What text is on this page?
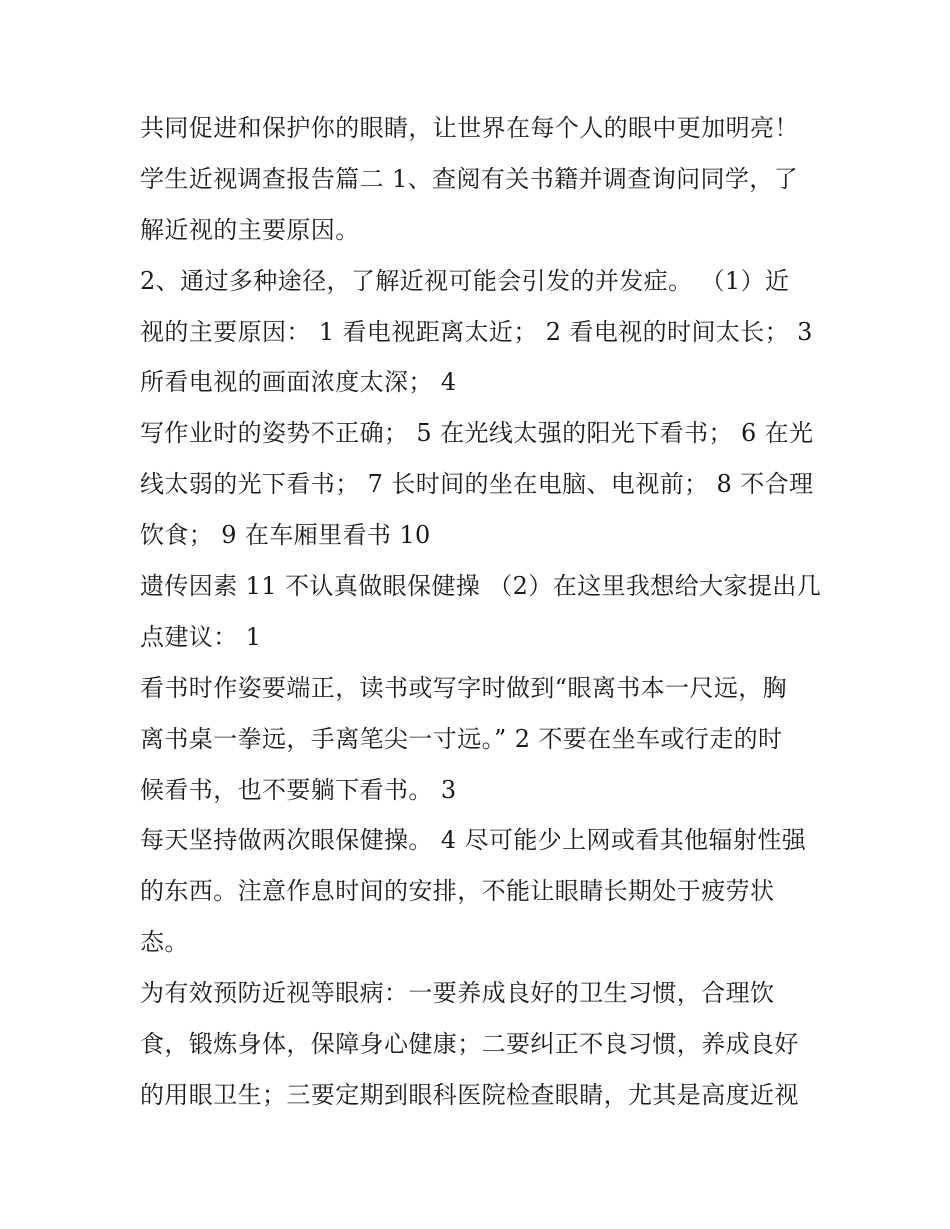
共同促进和保护你的眼睛，让世界在每个人的眼中更加明亮！
学生近视调查报告篇二 1、查阅有关书籍并调查询问同学，了
解近视的主要原因。
2、通过多种途径，了解近视可能会引发的并发症。 （1）近
视的主要原因： 1 看电视距离太近； 2 看电视的时间太长； 3
所看电视的画面浓度太深； 4
写作业时的姿势不正确； 5 在光线太强的阳光下看书； 6 在光
线太弱的光下看书； 7 长时间的坐在电脑、电视前； 8 不合理
饮食； 9 在车厢里看书 10
遗传因素 11 不认真做眼保健操 （2）在这里我想给大家提出几
点建议： 1
看书时作姿要端正，读书或写字时做到“眼离书本一尺远，胸
离书桌一拳远，手离笔尖一寸远。” 2 不要在坐车或行走的时
候看书，也不要躺下看书。 3
每天坚持做两次眼保健操。 4 尽可能少上网或看其他辐射性强
的东西。注意作息时间的安排，不能让眼睛长期处于疲劳状
态。
为有效预防近视等眼病：一要养成良好的卫生习惯，合理饮
食，锻炼身体，保障身心健康；二要纠正不良习惯，养成良好
的用眼卫生；三要定期到眼科医院检查眼睛，尤其是高度近视
